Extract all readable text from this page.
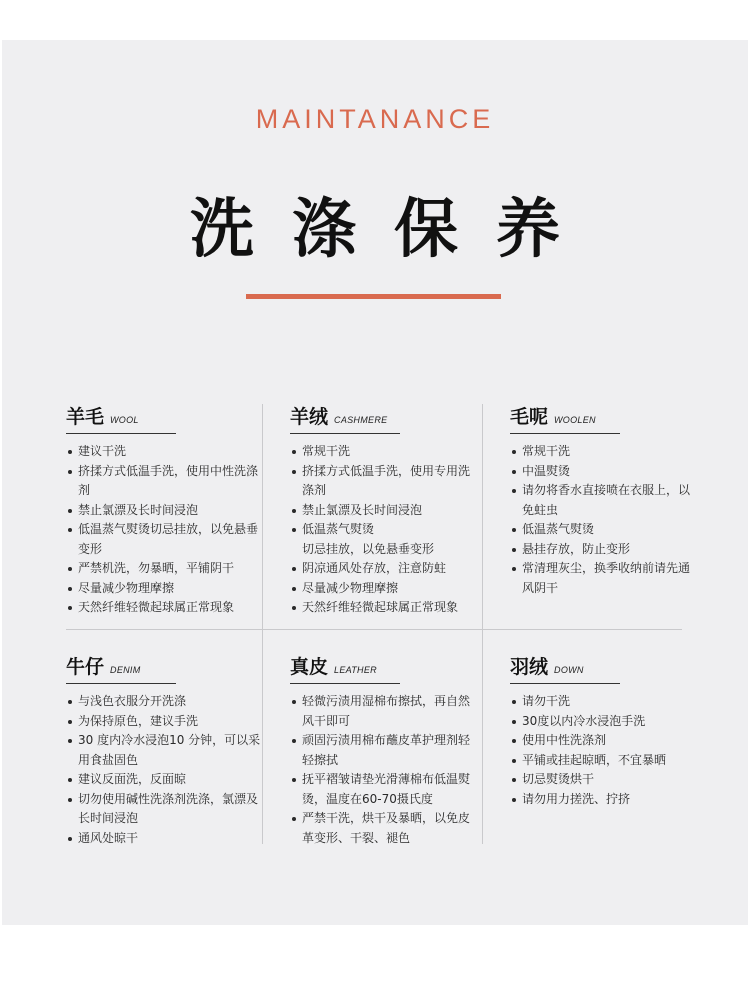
MAINTANANCE
洗涤保养
羊毛 WOOL
建议干洗
挤揉方式低温手洗，使用中性洗涤剂
禁止氯漂及长时间浸泡
低温蒸气熨烫切忌挂放，以免悬垂变形
严禁机洗，勿暴晒，平铺阴干
尽量减少物理摩擦
天然纤维轻微起球属正常现象
羊绒 CASHMERE
常规干洗
挤揉方式低温手洗，使用专用洗涤剂
禁止氯漂及长时间浸泡
低温蒸气熨烫
切忌挂放，以免悬垂变形
阴凉通风处存放，注意防蛀
尽量减少物理摩擦
天然纤维轻微起球属正常现象
毛呢 WOOLEN
常规干洗
中温熨烫
请勿将香水直接喷在衣服上，以免蛀虫
低温蒸气熨烫
悬挂存放，防止变形
常清理灰尘，换季收纳前请先通风阴干
牛仔 DENIM
与浅色衣服分开洗涤
为保持原色，建议手洗
30 度内冷水浸泡10 分钟，可以采用食盐固色
建议反面洗，反面晾
切勿使用碱性洗涤剂洗涤，氯漂及长时间浸泡
通风处晾干
真皮 LEATHER
轻微污渍用湿棉布擦拭，再自然风干即可
顽固污渍用棉布蘸皮革护理剂轻轻擦拭
抚平褶皱请垫光滑薄棉布低温熨烫，温度在60-70摄氏度
严禁干洗，烘干及暴晒，以免皮革变形、干裂、褪色
羽绒 DOWN
请勿干洗
30度以内冷水浸泡手洗
使用中性洗涤剂
平铺或挂起晾晒，不宜暴晒
切忌熨烫烘干
请勿用力搓洗、拧挤
